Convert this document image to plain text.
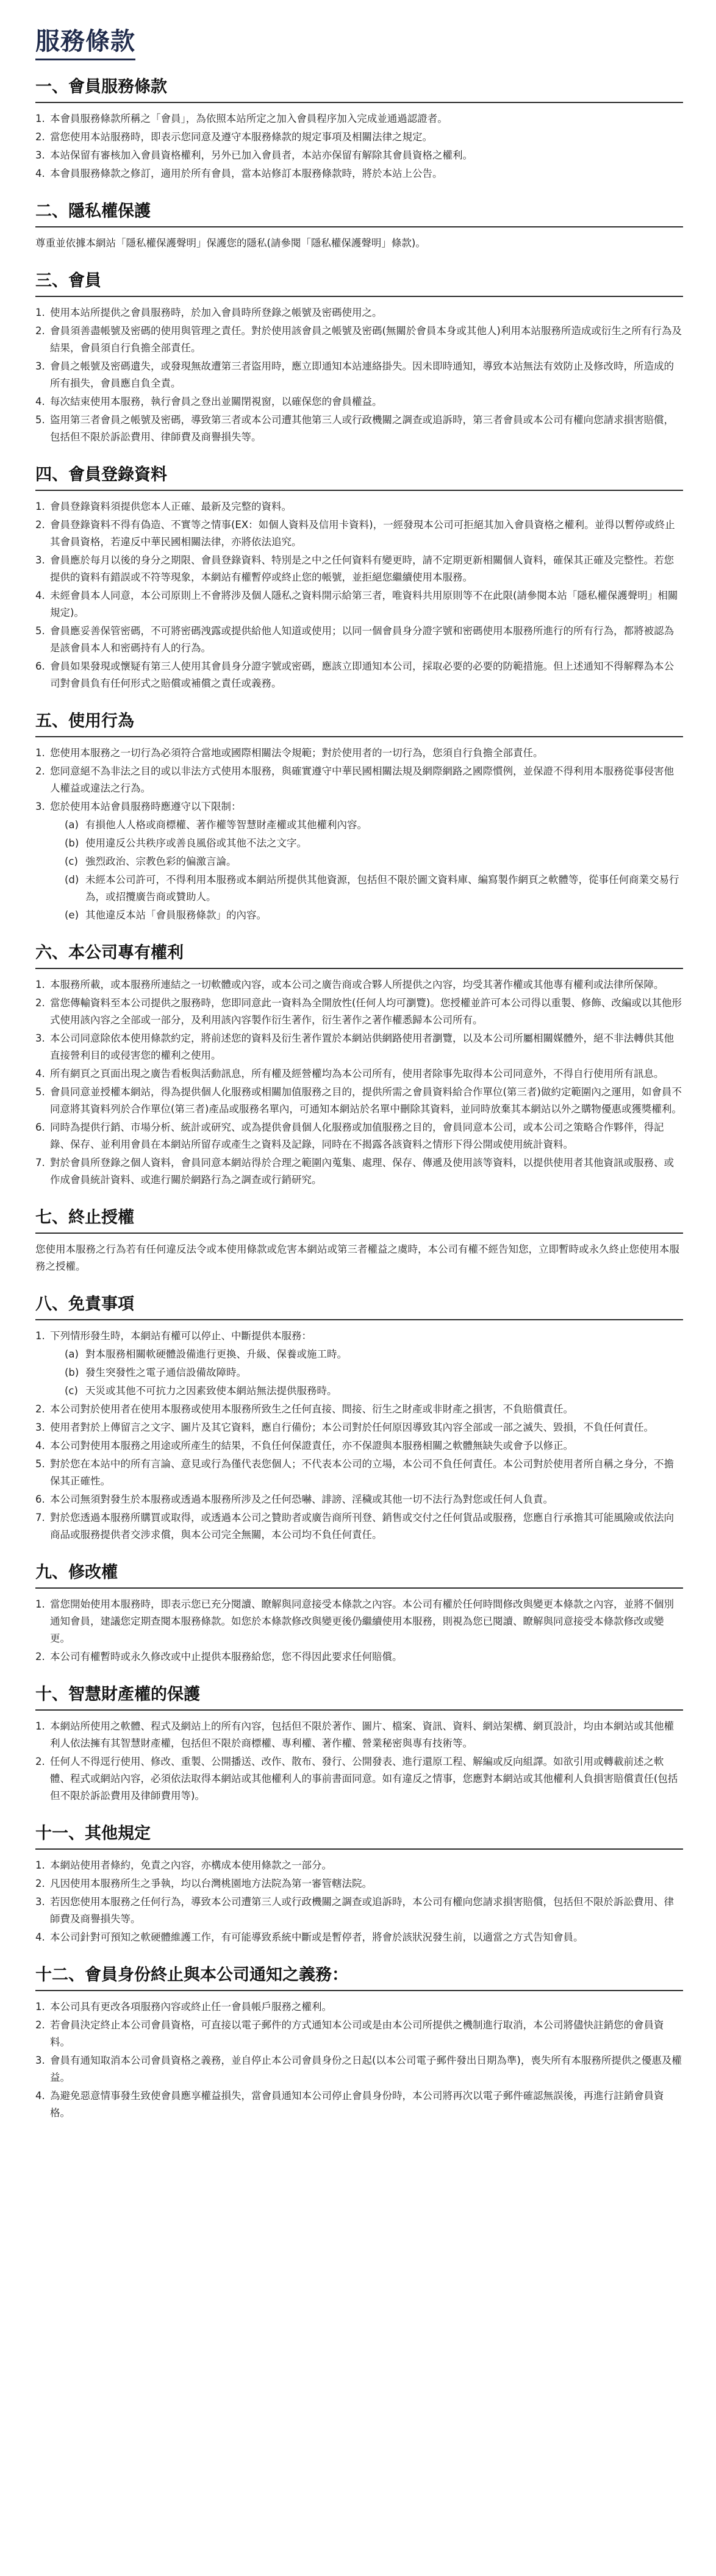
服務條款
一、會員服務條款
1. 本會員服務條款所稱之「會員」，為依照本站所定之加入會員程序加入完成並通過認證者。
2. 當您使用本站服務時，即表示您同意及遵守本服務條款的規定事項及相關法律之規定。
3. 本站保留有審核加入會員資格權利，另外已加入會員者，本站亦保留有解除其會員資格之權利。
4. 本會員服務條款之修訂，適用於所有會員，當本站修訂本服務條款時，將於本站上公告。
二、隱私權保護

尊重並依據本網站「隱私權保護聲明」保護您的隱私(請參閱「隱私權保護聲明」條款)。

三、會員
1. 使用本站所提供之會員服務時，於加入會員時所登錄之帳號及密碼使用之。
2. 會員須善盡帳號及密碼的使用與管理之責任。對於使用該會員之帳號及密碼(無關於會員本身或其他人)利用本站服務所造成或衍生之所有行為及結果，會員須自行負擔全部責任。
3. 會員之帳號及密碼遺失，或發現無故遭第三者盜用時，應立即通知本站連絡掛失。因未即時通知，導致本站無法有效防止及修改時，所造成的所有損失，會員應自負全責。
4. 每次結束使用本服務，執行會員之登出並關閉視窗，以確保您的會員權益。
5. 盜用第三者會員之帳號及密碼，導致第三者或本公司遭其他第三人或行政機關之調查或追訴時，第三者會員或本公司有權向您請求損害賠償，包括但不限於訴訟費用、律師費及商譽損失等。
四、會員登錄資料
1. 會員登錄資料須提供您本人正確、最新及完整的資料。
2. 會員登錄資料不得有偽造、不實等之情事(EX：如個人資料及信用卡資料)，一經發現本公司可拒絕其加入會員資格之權利。並得以暫停或終止其會員資格，若違反中華民國相關法律，亦將依法追究。
3. 會員應於每月以後的身分之期限、會員登錄資料、特別是之中之任何資料有變更時，請不定期更新相關個人資料，確保其正確及完整性。若您提供的資料有錯誤或不符等現象，本網站有權暫停或終止您的帳號，並拒絕您繼續使用本服務。
4. 未經會員本人同意，本公司原則上不會將涉及個人隱私之資料開示給第三者，唯資料共用原則等不在此限(請參閱本站「隱私權保護聲明」相關規定)。
5. 會員應妥善保管密碼，不可將密碼洩露或提供給他人知道或使用；以同一個會員身分證字號和密碼使用本服務所進行的所有行為，都將被認為是該會員本人和密碼持有人的行為。
6. 會員如果發現或懷疑有第三人使用其會員身分證字號或密碼，應該立即通知本公司，採取必要的必要的防範措施。但上述通知不得解釋為本公司對會員負有任何形式之賠償或補償之責任或義務。
五、使用行為
1. 您使用本服務之一切行為必須符合當地或國際相關法令規範；對於使用者的一切行為，您須自行負擔全部責任。
2. 您同意絕不為非法之目的或以非法方式使用本服務，與確實遵守中華民國相關法規及網際網路之國際慣例，並保證不得利用本服務從事侵害他人權益或違法之行為。
3. 您於使用本站會員服務時應遵守以下限制：
(a) 有損他人人格或商標權、著作權等智慧財產權或其他權利內容。
(b) 使用違反公共秩序或善良風俗或其他不法之文字。
(c) 強烈政治、宗教色彩的偏激言論。
(d) 未經本公司許可，不得利用本服務或本網站所提供其他資源，包括但不限於圖文資料庫、編寫製作網頁之軟體等，從事任何商業交易行為，或招攬廣告商或贊助人。
(e) 其他違反本站「會員服務條款」的內容。
六、本公司專有權利
1. 本服務所載，或本服務所連結之一切軟體或內容，或本公司之廣告商或合夥人所提供之內容，均受其著作權或其他專有權利或法律所保障。
2. 當您傳輸資料至本公司提供之服務時，您即同意此一資料為全開放性(任何人均可瀏覽)。您授權並許可本公司得以重製、修飾、改編或以其他形式使用該內容之全部或一部分，及利用該內容製作衍生著作，衍生著作之著作權悉歸本公司所有。
3. 本公司同意除依本使用條款約定，將前述您的資料及衍生著作置於本網站供網路使用者瀏覽，以及本公司所屬相關媒體外，絕不非法轉供其他直接營利目的或侵害您的權利之使用。
4. 所有網頁之頁面出現之廣告看板與活動訊息，所有權及經營權均為本公司所有，使用者除事先取得本公司同意外，不得自行使用所有訊息。
5. 會員同意並授權本網站，得為提供個人化服務或相關加值服務之目的，提供所需之會員資料給合作單位(第三者)做約定範圍內之運用，如會員不同意將其資料列於合作單位(第三者)產品或服務名單內，可通知本網站於名單中刪除其資料，並同時放棄其本網站以外之購物優惠或獲獎權利。
6. 同時為提供行銷、市場分析、統計或研究、或為提供會員個人化服務或加值服務之目的，會員同意本公司，或本公司之策略合作夥伴，得記錄、保存、並利用會員在本網站所留存或產生之資料及記錄，同時在不揭露各該資料之情形下得公開或使用統計資料。
7. 對於會員所登錄之個人資料，會員同意本網站得於合理之範圍內蒐集、處理、保存、傳遞及使用該等資料，以提供使用者其他資訊或服務、或作成會員統計資料、或進行關於網路行為之調查或行銷研究。
七、終止授權

您使用本服務之行為若有任何違反法令或本使用條款或危害本網站或第三者權益之虞時，本公司有權不經告知您，立即暫時或永久終止您使用本服務之授權。

八、免責事項
1. 下列情形發生時，本網站有權可以停止、中斷提供本服務：
(a) 對本服務相關軟硬體設備進行更換、升級、保養或施工時。
(b) 發生突發性之電子通信設備故障時。
(c) 天災或其他不可抗力之因素致使本網站無法提供服務時。
2. 本公司對於使用者在使用本服務或使用本服務所致生之任何直接、間接、衍生之財產或非財產之損害，不負賠償責任。
3. 使用者對於上傳留言之文字、圖片及其它資料，應自行備份；本公司對於任何原因導致其內容全部或一部之滅失、毀損，不負任何責任。
4. 本公司對使用本服務之用途或所產生的結果，不負任何保證責任，亦不保證與本服務相關之軟體無缺失或會予以修正。
5. 對於您在本站中的所有言論、意見或行為僅代表您個人；不代表本公司的立場，本公司不負任何責任。本公司對於使用者所自稱之身分，不擔保其正確性。
6. 本公司無須對發生於本服務或透過本服務所涉及之任何恐嚇、誹謗、淫穢或其他一切不法行為對您或任何人負責。
7. 對於您透過本服務所購買或取得，或透過本公司之贊助者或廣告商所刊登、銷售或交付之任何貨品或服務，您應自行承擔其可能風險或依法向商品或服務提供者交涉求償，與本公司完全無關，本公司均不負任何責任。
九、修改權
1. 當您開始使用本服務時，即表示您已充分閱讀、瞭解與同意接受本條款之內容。本公司有權於任何時間修改與變更本條款之內容，並將不個別通知會員，建議您定期查閱本服務條款。如您於本條款修改與變更後仍繼續使用本服務，則視為您已閱讀、瞭解與同意接受本條款修改或變更。
2. 本公司有權暫時或永久修改或中止提供本服務給您，您不得因此要求任何賠償。
十、智慧財產權的保護
1. 本網站所使用之軟體、程式及網站上的所有內容，包括但不限於著作、圖片、檔案、資訊、資料、網站架構、網頁設計，均由本網站或其他權利人依法擁有其智慧財產權，包括但不限於商標權、專利權、著作權、營業秘密與專有技術等。
2. 任何人不得逕行使用、修改、重製、公開播送、改作、散布、發行、公開發表、進行還原工程、解編或反向組譯。如欲引用或轉載前述之軟體、程式或網站內容，必須依法取得本網站或其他權利人的事前書面同意。如有違反之情事，您應對本網站或其他權利人負損害賠償責任(包括但不限於訴訟費用及律師費用等)。
十一、其他規定
1. 本網站使用者條約，免責之內容，亦構成本使用條款之一部分。
2. 凡因使用本服務所生之爭執，均以台灣桃園地方法院為第一審管轄法院。
3. 若因您使用本服務之任何行為，導致本公司遭第三人或行政機關之調查或追訴時，本公司有權向您請求損害賠償，包括但不限於訴訟費用、律師費及商譽損失等。
4. 本公司針對可預知之軟硬體維護工作，有可能導致系統中斷或是暫停者，將會於該狀況發生前，以適當之方式告知會員。
十二、會員身份終止與本公司通知之義務：
1. 本公司具有更改各項服務內容或終止任一會員帳戶服務之權利。
2. 若會員決定終止本公司會員資格，可直接以電子郵件的方式通知本公司或是由本公司所提供之機制進行取消，本公司將儘快註銷您的會員資料。
3. 會員有通知取消本公司會員資格之義務，並自停止本公司會員身份之日起(以本公司電子郵件發出日期為準)，喪失所有本服務所提供之優惠及權益。
4. 為避免惡意情事發生致使會員應享權益損失，當會員通知本公司停止會員身份時，本公司將再次以電子郵件確認無誤後，再進行註銷會員資格。
